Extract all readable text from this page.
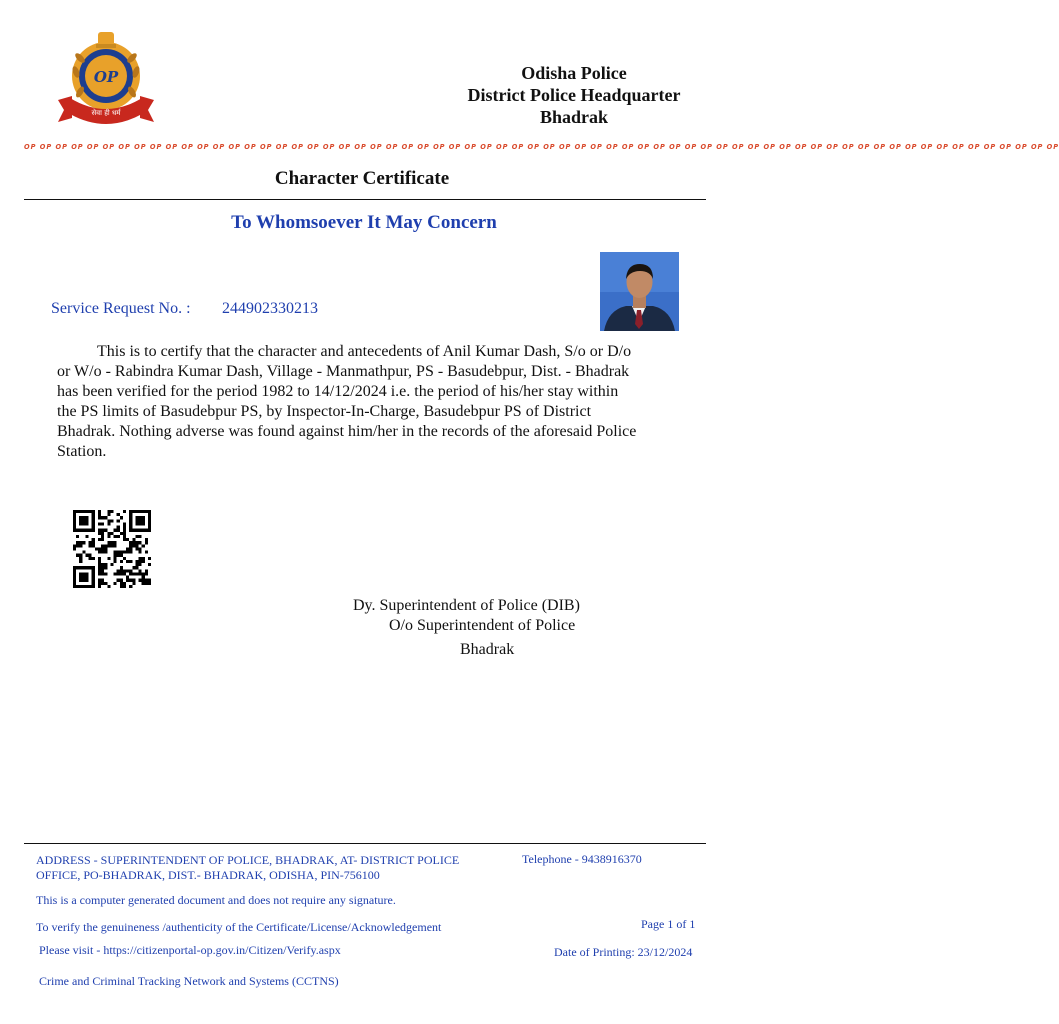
OP
सेवा ही धर्म
Odisha Police
District Police Headquarter
Bhadrak
OP OP OP OP OP OP OP OP OP OP OP OP OP OP OP OP OP OP OP OP OP OP OP OP OP OP OP OP OP OP OP OP OP OP OP OP OP OP OP OP OP OP OP OP OP OP OP OP OP OP OP OP OP OP OP OP OP OP OP OP OP OP OP OP OP OP
Character Certificate
To Whomsoever It May Concern
Service Request No. : 244902330213
This is to certify that the character and antecedents of Anil Kumar Dash, S/o or D/o
or W/o - Rabindra Kumar Dash, Village - Manmathpur, PS - Basudebpur, Dist. - Bhadrak
has been verified for the period 1982 to 14/12/2024 i.e. the period of his/her stay within
the PS limits of Basudebpur PS, by Inspector-In-Charge, Basudebpur PS of District
Bhadrak. Nothing adverse was found against him/her in the records of the aforesaid Police
Station.
Dy. Superintendent of Police (DIB)
O/o Superintendent of Police
Bhadrak
ADDRESS - SUPERINTENDENT OF POLICE, BHADRAK, AT- DISTRICT POLICE
OFFICE, PO-BHADRAK, DIST.- BHADRAK, ODISHA, PIN-756100
Telephone - 9438916370
This is a computer generated document and does not require any signature.
To verify the genuineness /authenticity of the Certificate/License/Acknowledgement	Page 1 of 1
Please visit - https://citizenportal-op.gov.in/Citizen/Verify.aspx	Date of Printing: 23/12/2024
Crime and Criminal Tracking Network and Systems (CCTNS)
